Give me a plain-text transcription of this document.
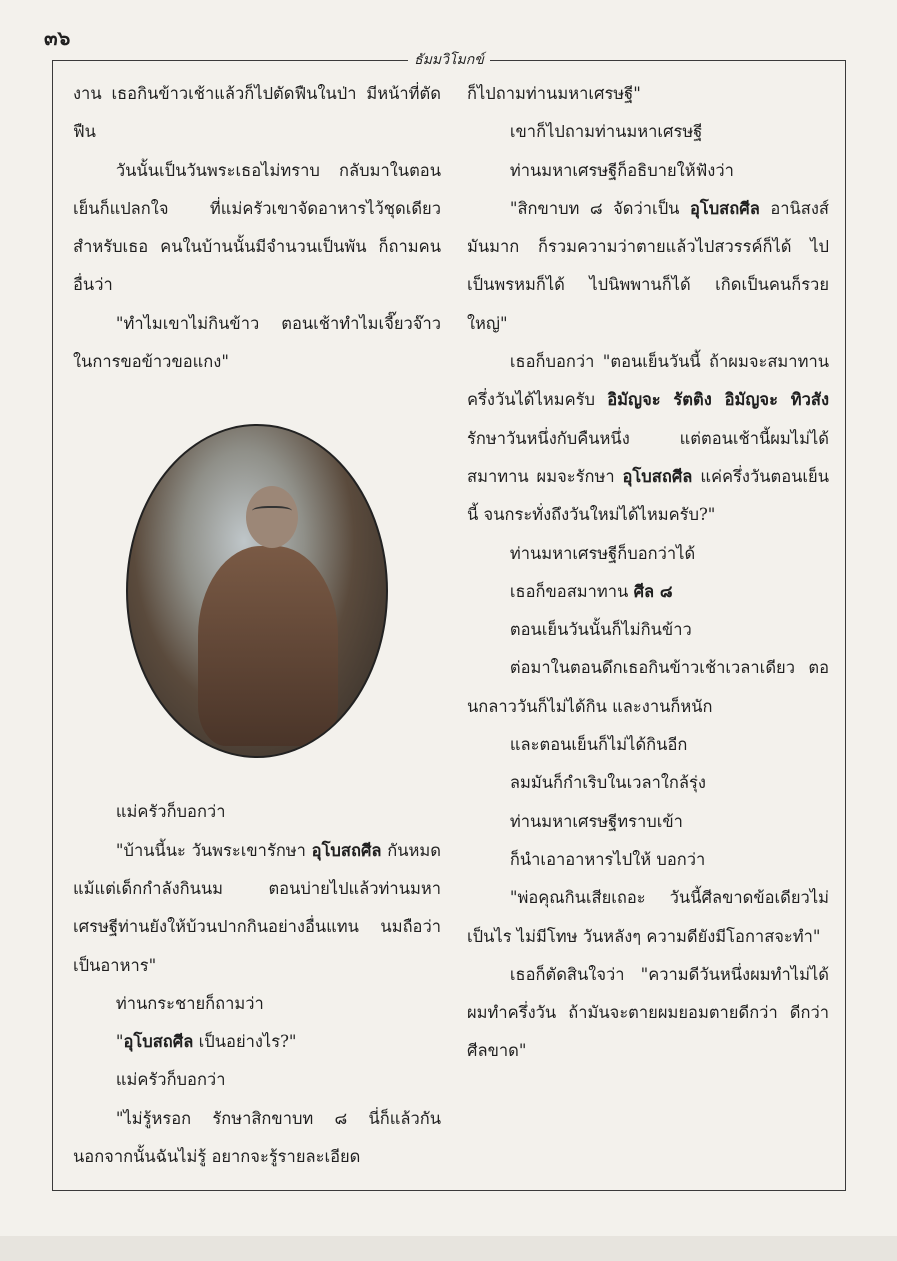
๓๖
ธัมมวิโมกข์

งาน เธอกินข้าวเช้าแล้วก็ไปตัดฟืนในป่า มีหน้าที่ตัดฟืน

วันนั้นเป็นวันพระเธอไม่ทราบ กลับมาในตอนเย็นก็แปลกใจ ที่แม่ครัวเขาจัดอาหารไว้ชุดเดียวสำหรับเธอ คนในบ้านนั้นมีจำนวนเป็นพัน ก็ถามคนอื่นว่า

"ทำไมเขาไม่กินข้าว ตอนเช้าทำไมเจี๊ยวจ๊าวในการขอข้าวขอแกง"

แม่ครัวก็บอกว่า

"บ้านนี้นะ วันพระเขารักษา อุโบสถศีล กันหมด แม้แต่เด็กกำลังกินนม ตอนบ่ายไปแล้วท่านมหาเศรษฐีท่านยังให้บ้วนปากกินอย่างอื่นแทน นมถือว่าเป็นอาหาร"

ท่านกระชายก็ถามว่า

"อุโบสถศีล เป็นอย่างไร?"

แม่ครัวก็บอกว่า

"ไม่รู้หรอก รักษาสิกขาบท ๘ นี่ก็แล้วกัน นอกจากนั้นฉันไม่รู้ อยากจะรู้รายละเอียด

ก็ไปถามท่านมหาเศรษฐี"

เขาก็ไปถามท่านมหาเศรษฐี

ท่านมหาเศรษฐีก็อธิบายให้ฟังว่า

"สิกขาบท ๘ จัดว่าเป็น อุโบสถศีล อานิสงส์มันมาก ก็รวมความว่าตายแล้วไปสวรรค์ก็ได้ ไปเป็นพรหมก็ได้ ไปนิพพานก็ได้ เกิดเป็นคนก็รวยใหญ่"

เธอก็บอกว่า "ตอนเย็นวันนี้ ถ้าผมจะสมาทานครึ่งวันได้ไหมครับ อิมัญจะ รัตติง อิมัญจะ ทิวสัง รักษาวันหนึ่งกับคืนหนึ่ง แต่ตอนเช้านี้ผมไม่ได้สมาทาน ผมจะรักษา อุโบสถศีล แค่ครึ่งวันตอนเย็นนี้ จนกระทั่งถึงวันใหม่ได้ไหมครับ?"

ท่านมหาเศรษฐีก็บอกว่าได้

เธอก็ขอสมาทาน ศีล ๘

ตอนเย็นวันนั้นก็ไม่กินข้าว

ต่อมาในตอนดึกเธอกินข้าวเช้าเวลาเดียว ตอนกลาววันก็ไม่ได้กิน และงานก็หนัก

และตอนเย็นก็ไม่ได้กินอีก

ลมมันก็กำเริบในเวลาใกล้รุ่ง

ท่านมหาเศรษฐีทราบเข้า

ก็นำเอาอาหารไปให้ บอกว่า

"พ่อคุณกินเสียเถอะ วันนี้ศีลขาดข้อเดียวไม่เป็นไร ไม่มีโทษ วันหลังๆ ความดียังมีโอกาสจะทำ"

เธอก็ตัดสินใจว่า "ความดีวันหนึ่งผมทำไม่ได้ ผมทำครึ่งวัน ถ้ามันจะตายผมยอมตายดีกว่า ดีกว่าศีลขาด"
